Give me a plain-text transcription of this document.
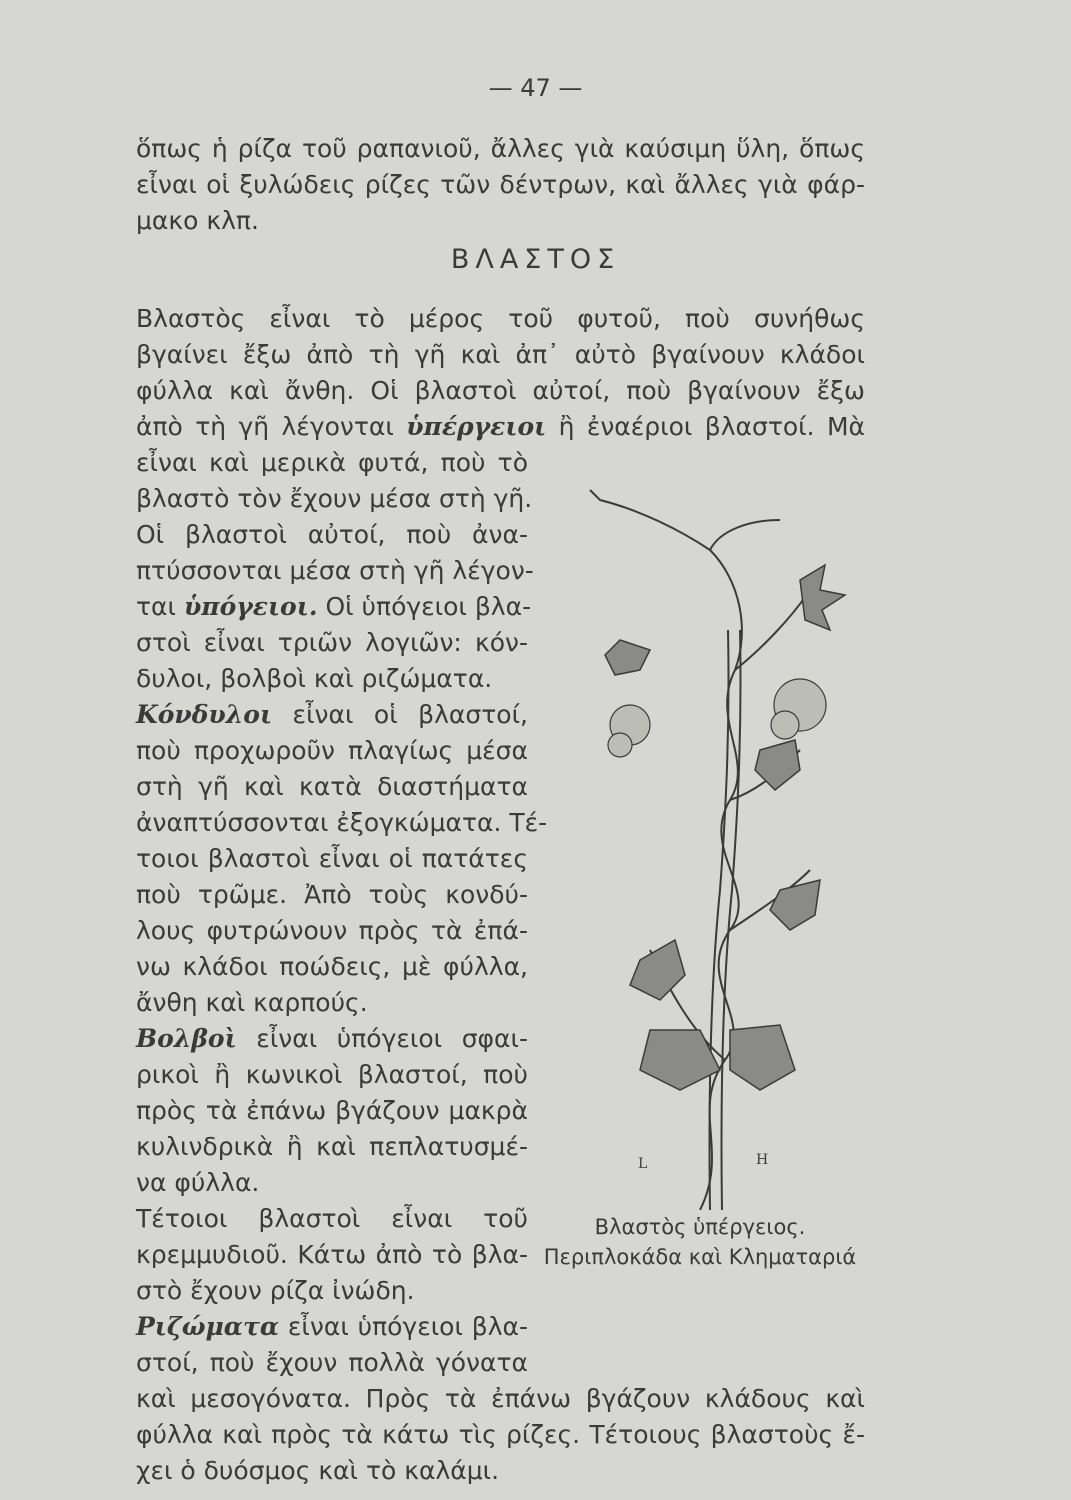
— 47 —
ὅπως ἡ ρίζα τοῦ ραπανιοῦ, ἄλλες γιὰ καύσιμη ὕλη, ὅπως
εἶναι οἱ ξυλώδεις ρίζες τῶν δέντρων, καὶ ἄλλες γιὰ φάρ-
μακο κλπ.
ΒΛΑΣΤΟΣ
Βλαστὸς εἶναι τὸ μέρος τοῦ φυτοῦ, ποὺ συνήθως
βγαίνει ἔξω ἀπὸ τὴ γῆ καὶ ἀπ᾽ αὐτὸ βγαίνουν κλάδοι
φύλλα καὶ ἄνθη. Οἱ βλαστοὶ αὐτοί, ποὺ βγαίνουν ἔξω
ἀπὸ τὴ γῆ λέγονται ὑπέργειοι ἢ ἐναέριοι βλαστοί. Μὰ
εἶναι καὶ μερικὰ φυτά, ποὺ τὸ
βλαστὸ τὸν ἔχουν μέσα στὴ γῆ.
Οἱ βλαστοὶ αὐτοί, ποὺ ἀνα-
πτύσσονται μέσα στὴ γῆ λέγον-
ται ὑπόγειοι. Οἱ ὑπόγειοι βλα-
στοὶ εἶναι τριῶν λογιῶν: κόν-
δυλοι, βολβοὶ καὶ ριζώματα.
Κόνδυλοι εἶναι οἱ βλαστοί,
ποὺ προχωροῦν πλαγίως μέσα
στὴ γῆ καὶ κατὰ διαστήματα
ἀναπτύσσονται ἐξογκώματα. Τέ-
τοιοι βλαστοὶ εἶναι οἱ πατάτες
ποὺ τρῶμε. Ἀπὸ τοὺς κονδύ-
λους φυτρώνουν πρὸς τὰ ἐπά-
νω κλάδοι ποώδεις, μὲ φύλλα,
ἄνθη καὶ καρπούς.
Βολβοὶ εἶναι ὑπόγειοι σφαι-
ρικοὶ ἢ κωνικοὶ βλαστοί, ποὺ
πρὸς τὰ ἐπάνω βγάζουν μακρὰ
κυλινδρικὰ ἢ καὶ πεπλατυσμέ-
να φύλλα.
Τέτοιοι βλαστοὶ εἶναι τοῦ
κρεμμυδιοῦ. Κάτω ἀπὸ τὸ βλα-
στὸ ἔχουν ρίζα ἰνώδη.
Ριζώματα εἶναι ὑπόγειοι βλα-
στοί, ποὺ ἔχουν πολλὰ γόνατα
καὶ μεσογόνατα. Πρὸς τὰ ἐπάνω βγάζουν κλάδους καὶ
φύλλα καὶ πρὸς τὰ κάτω τὶς ρίζες. Τέτοιους βλαστοὺς ἔ-
χει ὁ δυόσμος καὶ τὸ καλάμι.
L	H
Βλαστὸς ὑπέργειος.
Περιπλοκάδα καὶ Κληματαριά
